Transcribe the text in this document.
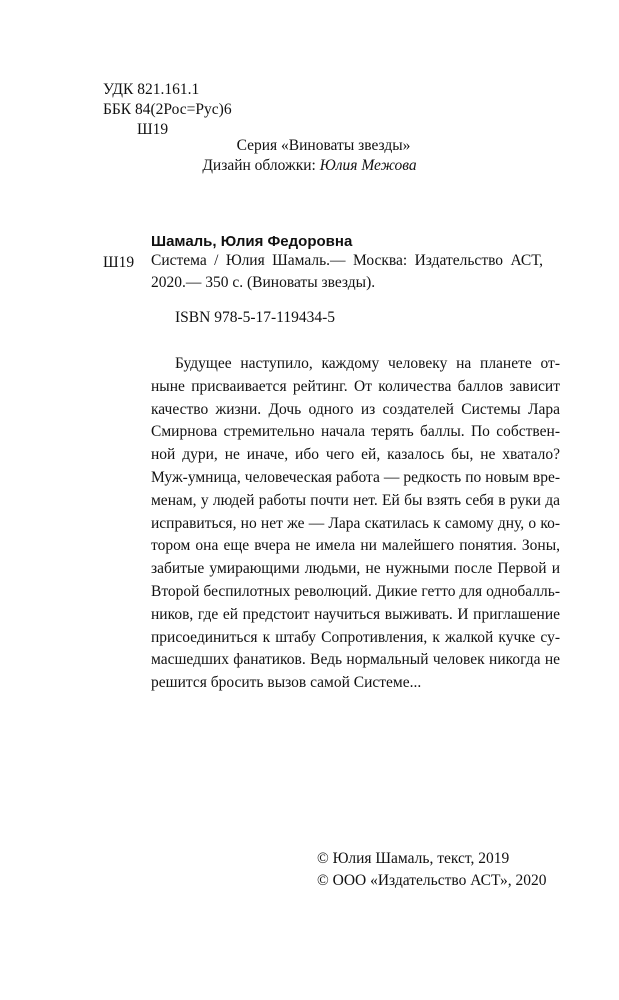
УДК 821.161.1
ББК 84(2Рос=Рус)6
Ш19
Серия «Виноваты звезды»
Дизайн обложки: Юлия Межова
Шамаль, Юлия Федоровна
Ш19 Система / Юлия Шамаль.— Москва: Издательство АСТ,
2020.— 350 с. (Виноваты звезды).
ISBN 978-5-17-119434-5
Будущее наступило, каждому человеку на планете от-
ныне присваивается рейтинг. От количества баллов зависит
качество жизни. Дочь одного из создателей Системы Лара
Смирнова стремительно начала терять баллы. По собствен-
ной дури, не иначе, ибо чего ей, казалось бы, не хватало?
Муж-умница, человеческая работа — редкость по новым вре-
менам, у людей работы почти нет. Ей бы взять себя в руки да
исправиться, но нет же — Лара скатилась к самому дну, о ко-
тором она еще вчера не имела ни малейшего понятия. Зоны,
забитые умирающими людьми, не нужными после Первой и
Второй беспилотных революций. Дикие гетто для однобалль-
ников, где ей предстоит научиться выживать. И приглашение
присоединиться к штабу Сопротивления, к жалкой кучке су-
масшедших фанатиков. Ведь нормальный человек никогда не
решится бросить вызов самой Системе...
© Юлия Шамаль, текст, 2019
© ООО «Издательство АСТ», 2020
